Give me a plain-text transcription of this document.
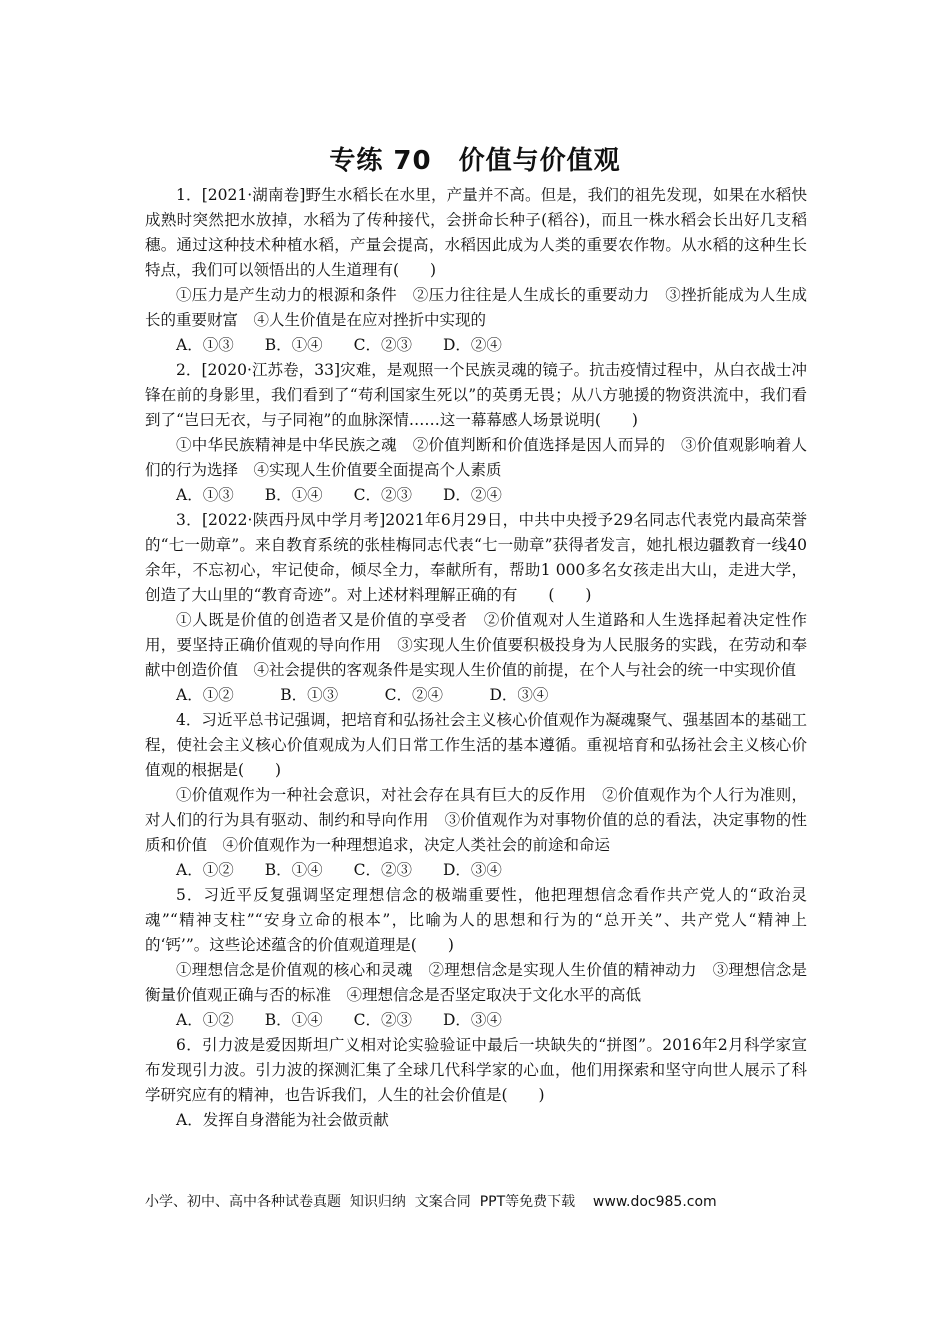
专练 70　价值与价值观

1．[2021·湖南卷]野生水稻长在水里，产量并不高。但是，我们的祖先发现，如果在水稻快成熟时突然把水放掉，水稻为了传种接代，会拼命长种子(稻谷)，而且一株水稻会长出好几支稻穗。通过这种技术种植水稻，产量会提高，水稻因此成为人类的重要农作物。从水稻的这种生长特点，我们可以领悟出的人生道理有(　　)

①压力是产生动力的根源和条件　②压力往往是人生成长的重要动力　③挫折能成为人生成长的重要财富　④人生价值是在应对挫折中实现的

A．①③　　B．①④　　C．②③　　D．②④

2．[2020·江苏卷，33]灾难，是观照一个民族灵魂的镜子。抗击疫情过程中，从白衣战士冲锋在前的身影里，我们看到了“苟利国家生死以”的英勇无畏；从八方驰援的物资洪流中，我们看到了“岂曰无衣，与子同袍”的血脉深情……这一幕幕感人场景说明(　　)

①中华民族精神是中华民族之魂　②价值判断和价值选择是因人而异的　③价值观影响着人们的行为选择　④实现人生价值要全面提高个人素质

A．①③　　B．①④　　C．②③　　D．②④

3．[2022·陕西丹凤中学月考]2021年6月29日，中共中央授予29名同志代表党内最高荣誉的“七一勋章”。来自教育系统的张桂梅同志代表“七一勋章”获得者发言，她扎根边疆教育一线40余年，不忘初心，牢记使命，倾尽全力，奉献所有，帮助1 000多名女孩走出大山，走进大学，创造了大山里的“教育奇迹”。对上述材料理解正确的有　　(　　)

①人既是价值的创造者又是价值的享受者　②价值观对人生道路和人生选择起着决定性作用，要坚持正确价值观的导向作用　③实现人生价值要积极投身为人民服务的实践，在劳动和奉献中创造价值　④社会提供的客观条件是实现人生价值的前提，在个人与社会的统一中实现价值

A．①②　　　B．①③　　　C．②④　　　D．③④

4．习近平总书记强调，把培育和弘扬社会主义核心价值观作为凝魂聚气、强基固本的基础工程，使社会主义核心价值观成为人们日常工作生活的基本遵循。重视培育和弘扬社会主义核心价值观的根据是(　　)

①价值观作为一种社会意识，对社会存在具有巨大的反作用　②价值观作为个人行为准则，对人们的行为具有驱动、制约和导向作用　③价值观作为对事物价值的总的看法，决定事物的性质和价值　④价值观作为一种理想追求，决定人类社会的前途和命运

A．①②　　B．①④　　C．②③　　D．③④

5．习近平反复强调坚定理想信念的极端重要性，他把理想信念看作共产党人的“政治灵魂”“精神支柱”“安身立命的根本”，比喻为人的思想和行为的“总开关”、共产党人“精神上的‘钙’”。这些论述蕴含的价值观道理是(　　)

①理想信念是价值观的核心和灵魂　②理想信念是实现人生价值的精神动力　③理想信念是衡量价值观正确与否的标准　④理想信念是否坚定取决于文化水平的高低

A．①②　　B．①④　　C．②③　　D．③④

6．引力波是爱因斯坦广义相对论实验验证中最后一块缺失的“拼图”。2016年2月科学家宣布发现引力波。引力波的探测汇集了全球几代科学家的心血，他们用探索和坚守向世人展示了科学研究应有的精神，也告诉我们，人生的社会价值是(　　)

A．发挥自身潜能为社会做贡献

小学、初中、高中各种试卷真题  知识归纳  文案合同  PPT等免费下载    www.doc985.com
